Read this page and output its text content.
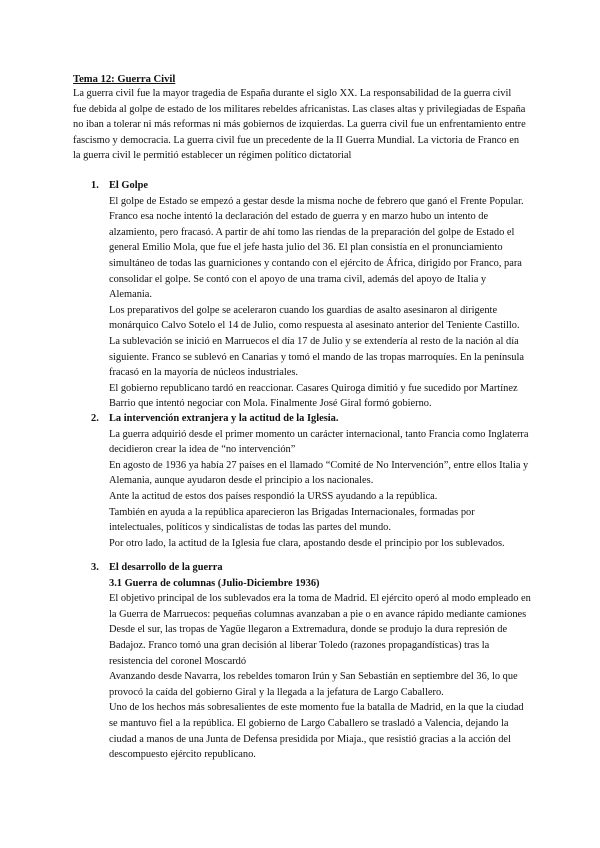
Tema 12: Guerra Civil
La guerra civil fue la mayor tragedia de España durante el siglo XX. La responsabilidad de la guerra civil fue debida al golpe de estado de los militares rebeldes africanistas. Las clases altas y privilegiadas de España no iban a tolerar ni más reformas ni más gobiernos de izquierdas. La guerra civil fue un enfrentamiento entre fascismo y democracia. La guerra civil fue un precedente de la II Guerra Mundial. La victoria de Franco en la guerra civil le permitió establecer un régimen político dictatorial
1. El Golpe

El golpe de Estado se empezó a gestar desde la misma noche de febrero que ganó el Frente Popular. Franco esa noche intentó la declaración del estado de guerra y en marzo hubo un intento de alzamiento, pero fracasó. A partir de ahí tomo las riendas de la preparación del golpe de Estado el general Emilio Mola, que fue el jefe hasta julio del 36. El plan consistía en el pronunciamiento simultáneo de todas las guarniciones y contando con el ejército de África, dirigido por Franco, para consolidar el golpe. Se contó con el apoyo de una trama civil, además del apoyo de Italia y Alemania.

Los preparativos del golpe se aceleraron cuando los guardias de asalto asesinaron al dirigente monárquico Calvo Sotelo el 14 de Julio, como respuesta al asesinato anterior del Teniente Castillo. La sublevación se inició en Marruecos el día 17 de Julio y se extendería al resto de la nación al día siguiente. Franco se sublevó en Canarias y tomó el mando de las tropas marroquíes. En la península fracasó en la mayoría de núcleos industriales.

El gobierno republicano tardó en reaccionar. Casares Quiroga dimitió y fue sucedido por Martínez Barrio que intentó negociar con Mola. Finalmente José Giral formó gobierno.

2. La intervención extranjera y la actitud de la Iglesia.

La guerra adquirió desde el primer momento un carácter internacional, tanto Francia como Inglaterra decidieron crear la idea de “no intervención”

En agosto de 1936 ya había 27 países en el llamado “Comité de No Intervención”, entre ellos Italia y Alemania, aunque ayudaron desde el principio a los nacionales.

Ante la actitud de estos dos países respondió la URSS ayudando a la república.

También en ayuda a la república aparecieron las Brigadas Internacionales, formadas por intelectuales, políticos y sindicalistas de todas las partes del mundo.

Por otro lado, la actitud de la Iglesia fue clara, apostando desde el principio por los sublevados.

3. El desarrollo de la guerra
3.1 Guerra de columnas (Julio-Diciembre 1936)

El objetivo principal de los sublevados era la toma de Madrid. El ejército operó al modo empleado en la Guerra de Marruecos: pequeñas columnas avanzaban a pie o en avance rápido mediante camiones

Desde el sur, las tropas de Yagüe llegaron a Extremadura, donde se produjo la dura represión de Badajoz. Franco tomó una gran decisión al liberar Toledo (razones propagandísticas) tras la resistencia del coronel Moscardó

Avanzando desde Navarra, los rebeldes tomaron Irún y San Sebastián en septiembre del 36, lo que provocó la caída del gobierno Giral y la llegada a la jefatura de Largo Caballero.

Uno de los hechos más sobresalientes de este momento fue la batalla de Madrid, en la que la ciudad se mantuvo fiel a la república. El gobierno de Largo Caballero se trasladó a Valencia, dejando la ciudad a manos de una Junta de Defensa presidida por Miaja., que resistió gracias a la acción del descompuesto ejército republicano.
